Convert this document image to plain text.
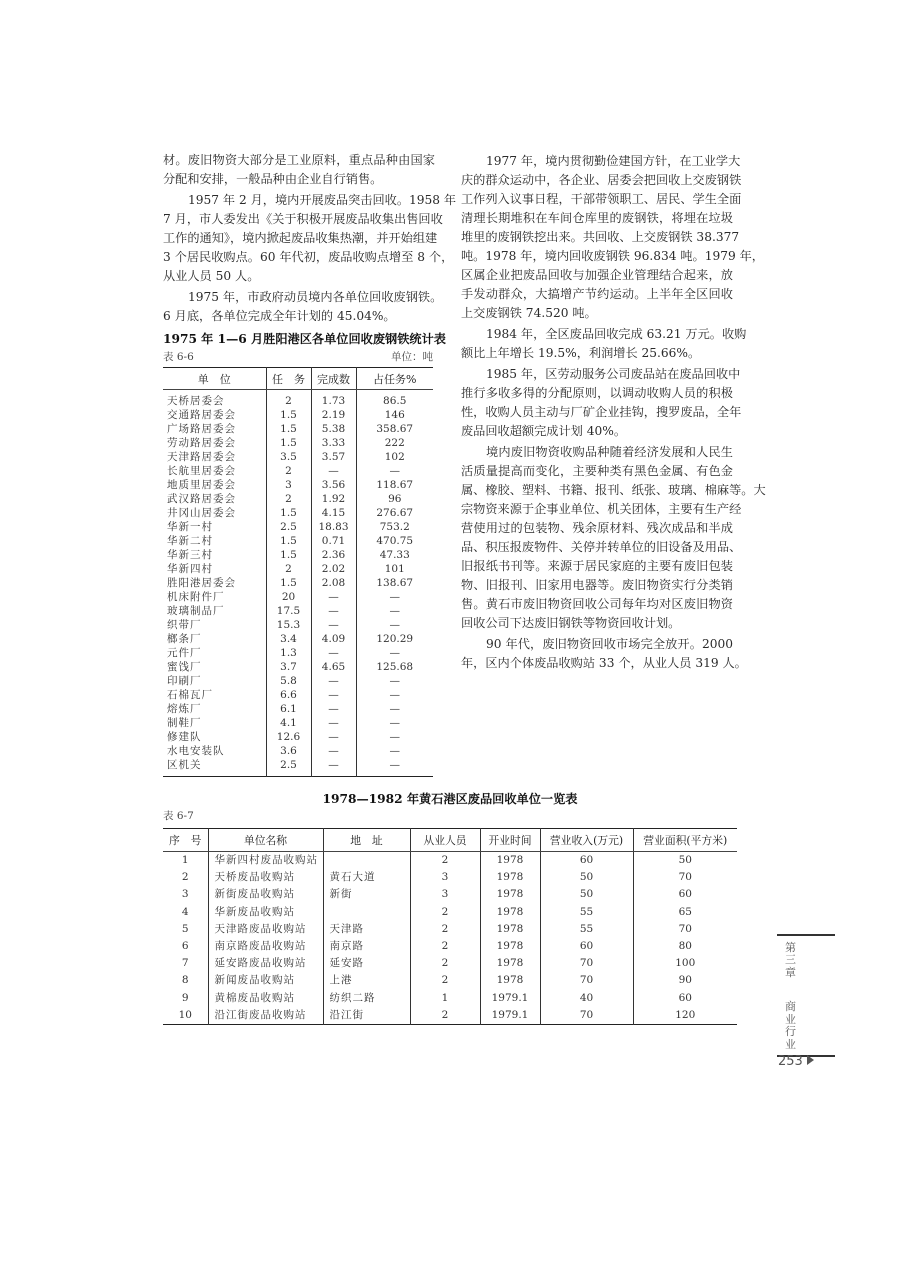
材。废旧物资大部分是工业原料，重点品种由国家
分配和安排，一般品种由企业自行销售。
1957 年 2 月，境内开展废品突击回收。1958 年
7 月，市人委发出《关于积极开展废品收集出售回收
工作的通知》，境内掀起废品收集热潮，并开始组建
3 个居民收购点。60 年代初，废品收购点增至 8 个，
从业人员 50 人。
1975 年，市政府动员境内各单位回收废钢铁。
6 月底，各单位完成全年计划的 45.04%。
1977 年，境内贯彻勤俭建国方针，在工业学大
庆的群众运动中，各企业、居委会把回收上交废钢铁
工作列入议事日程，干部带领职工、居民、学生全面
清理长期堆积在车间仓库里的废钢铁，将埋在垃圾
堆里的废钢铁挖出来。共回收、上交废钢铁 38.377
吨。1978 年，境内回收废钢铁 96.834 吨。1979 年，
区属企业把废品回收与加强企业管理结合起来，放
手发动群众，大搞增产节约运动。上半年全区回收
上交废钢铁 74.520 吨。
1984 年，全区废品回收完成 63.21 万元。收购
额比上年增长 19.5%，利润增长 25.66%。
1985 年，区劳动服务公司废品站在废品回收中
推行多收多得的分配原则，以调动收购人员的积极
性，收购人员主动与厂矿企业挂钩，搜罗废品，全年
废品回收超额完成计划 40%。
境内废旧物资收购品种随着经济发展和人民生
活质量提高而变化，主要种类有黑色金属、有色金
属、橡胶、塑料、书籍、报刊、纸张、玻璃、棉麻等。大
宗物资来源于企事业单位、机关团体，主要有生产经
营使用过的包装物、残余原材料、残次成品和半成
品、积压报废物件、关停并转单位的旧设备及用品、
旧报纸书刊等。来源于居民家庭的主要有废旧包装
物、旧报刊、旧家用电器等。废旧物资实行分类销
售。黄石市废旧物资回收公司每年均对区废旧物资
回收公司下达废旧钢铁等物资回收计划。
90 年代，废旧物资回收市场完全放开。2000
年，区内个体废品收购站 33 个，从业人员 319 人。
1975 年 1—6 月胜阳港区各单位回收废钢铁统计表
表 6-6	单位：吨
单　位	任　务	完成数	占任务%
天桥居委会	2	1.73	86.5
交通路居委会	1.5	2.19	146
广场路居委会	1.5	5.38	358.67
劳动路居委会	1.5	3.33	222
天津路居委会	3.5	3.57	102
长航里居委会	2	—	—
地质里居委会	3	3.56	118.67
武汉路居委会	2	1.92	96
井冈山居委会	1.5	4.15	276.67
华新一村	2.5	18.83	753.2
华新二村	1.5	0.71	470.75
华新三村	1.5	2.36	47.33
华新四村	2	2.02	101
胜阳港居委会	1.5	2.08	138.67
机床附件厂	20	—	—
玻璃制品厂	17.5	—	—
织带厂	15.3	—	—
榔条厂	3.4	4.09	120.29
元件厂	1.3	—	—
蜜饯厂	3.7	4.65	125.68
印刷厂	5.8	—	—
石棉瓦厂	6.6	—	—
熔炼厂	6.1	—	—
制鞋厂	4.1	—	—
修建队	12.6	—	—
水电安装队	3.6	—	—
区机关	2.5	—	—
1978—1982 年黄石港区废品回收单位一览表
表 6-7
序　号	单位名称	地　址	从业人员	开业时间	营业收入(万元)	营业面积(平方米)
1	华新四村废品收购站		2	1978	60	50
2	天桥废品收购站	黄石大道	3	1978	50	70
3	新街废品收购站	新街	3	1978	50	60
4	华新废品收购站		2	1978	55	65
5	天津路废品收购站	天津路	2	1978	55	70
6	南京路废品收购站	南京路	2	1978	60	80
7	延安路废品收购站	延安路	2	1978	70	100
8	新闻废品收购站	上港	2	1978	70	90
9	黄棉废品收购站	纺织二路	1	1979.1	40	60
10	沿江街废品收购站	沿江街	2	1979.1	70	120
第三章
商业行业
253
